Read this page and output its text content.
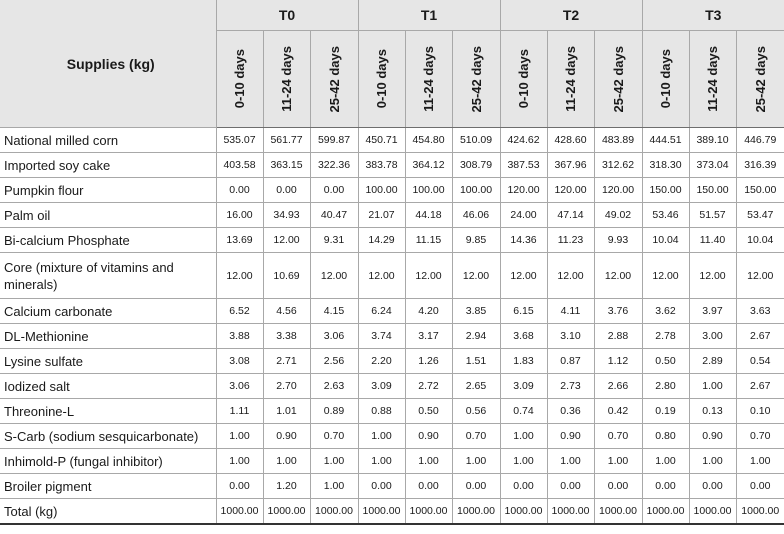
Supplies (kg)	T0			T1			T2			T3		

	0-10 days	11-24 days	25-42 days	0-10 days	11-24 days	25-42 days	0-10 days	11-24 days	25-42 days	0-10 days	11-24 days	25-42 days

National milled corn	535.07	561.77	599.87	450.71	454.80	510.09	424.62	428.60	483.89	444.51	389.10	446.79
Imported soy cake	403.58	363.15	322.36	383.78	364.12	308.79	387.53	367.96	312.62	318.30	373.04	316.39
Pumpkin flour	0.00	0.00	0.00	100.00	100.00	100.00	120.00	120.00	120.00	150.00	150.00	150.00
Palm oil	16.00	34.93	40.47	21.07	44.18	46.06	24.00	47.14	49.02	53.46	51.57	53.47
Bi-calcium Phosphate	13.69	12.00	9.31	14.29	11.15	9.85	14.36	11.23	9.93	10.04	11.40	10.04
Core (mixture of vitamins and minerals)	12.00	10.69	12.00	12.00	12.00	12.00	12.00	12.00	12.00	12.00	12.00	12.00
Calcium carbonate	6.52	4.56	4.15	6.24	4.20	3.85	6.15	4.11	3.76	3.62	3.97	3.63
DL-Methionine	3.88	3.38	3.06	3.74	3.17	2.94	3.68	3.10	2.88	2.78	3.00	2.67
Lysine sulfate	3.08	2.71	2.56	2.20	1.26	1.51	1.83	0.87	1.12	0.50	2.89	0.54
Iodized salt	3.06	2.70	2.63	3.09	2.72	2.65	3.09	2.73	2.66	2.80	1.00	2.67
Threonine-L	1.11	1.01	0.89	0.88	0.50	0.56	0.74	0.36	0.42	0.19	0.13	0.10
S-Carb (sodium sesquicarbonate)	1.00	0.90	0.70	1.00	0.90	0.70	1.00	0.90	0.70	0.80	0.90	0.70
Inhimold-P (fungal inhibitor)	1.00	1.00	1.00	1.00	1.00	1.00	1.00	1.00	1.00	1.00	1.00	1.00
Broiler pigment	0.00	1.20	1.00	0.00	0.00	0.00	0.00	0.00	0.00	0.00	0.00	0.00
Total (kg)	1000.00	1000.00	1000.00	1000.00	1000.00	1000.00	1000.00	1000.00	1000.00	1000.00	1000.00	1000.00
